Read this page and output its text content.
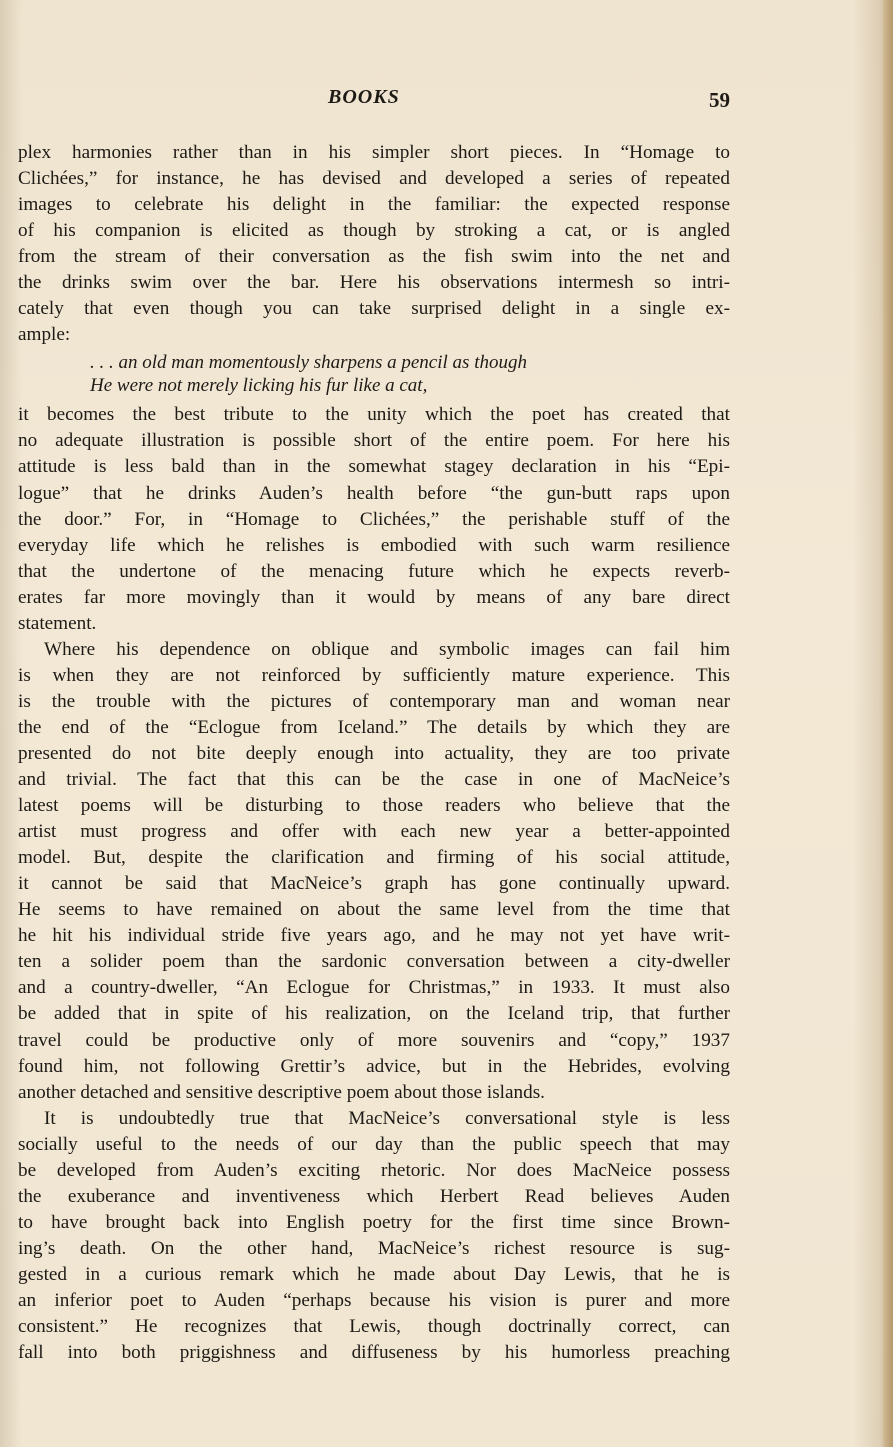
BOOKS	59
plex harmonies rather than in his simpler short pieces. In “Homage to
Clichées,” for instance, he has devised and developed a series of repeated
images to celebrate his delight in the familiar: the expected response
of his companion is elicited as though by stroking a cat, or is angled
from the stream of their conversation as the fish swim into the net and
the drinks swim over the bar. Here his observations intermesh so intri-
cately that even though you can take surprised delight in a single ex-
ample:
. . . an old man momentously sharpens a pencil as though
He were not merely licking his fur like a cat,
it becomes the best tribute to the unity which the poet has created that
no adequate illustration is possible short of the entire poem. For here his
attitude is less bald than in the somewhat stagey declaration in his “Epi-
logue” that he drinks Auden’s health before “the gun-butt raps upon
the door.” For, in “Homage to Clichées,” the perishable stuff of the
everyday life which he relishes is embodied with such warm resilience
that the undertone of the menacing future which he expects reverb-
erates far more movingly than it would by means of any bare direct
statement.
Where his dependence on oblique and symbolic images can fail him
is when they are not reinforced by sufficiently mature experience. This
is the trouble with the pictures of contemporary man and woman near
the end of the “Eclogue from Iceland.” The details by which they are
presented do not bite deeply enough into actuality, they are too private
and trivial. The fact that this can be the case in one of MacNeice’s
latest poems will be disturbing to those readers who believe that the
artist must progress and offer with each new year a better-appointed
model. But, despite the clarification and firming of his social attitude,
it cannot be said that MacNeice’s graph has gone continually upward.
He seems to have remained on about the same level from the time that
he hit his individual stride five years ago, and he may not yet have writ-
ten a solider poem than the sardonic conversation between a city-dweller
and a country-dweller, “An Eclogue for Christmas,” in 1933. It must also
be added that in spite of his realization, on the Iceland trip, that further
travel could be productive only of more souvenirs and “copy,” 1937
found him, not following Grettir’s advice, but in the Hebrides, evolving
another detached and sensitive descriptive poem about those islands.
It is undoubtedly true that MacNeice’s conversational style is less
socially useful to the needs of our day than the public speech that may
be developed from Auden’s exciting rhetoric. Nor does MacNeice possess
the exuberance and inventiveness which Herbert Read believes Auden
to have brought back into English poetry for the first time since Brown-
ing’s death. On the other hand, MacNeice’s richest resource is sug-
gested in a curious remark which he made about Day Lewis, that he is
an inferior poet to Auden “perhaps because his vision is purer and more
consistent.” He recognizes that Lewis, though doctrinally correct, can
fall into both priggishness and diffuseness by his humorless preaching
